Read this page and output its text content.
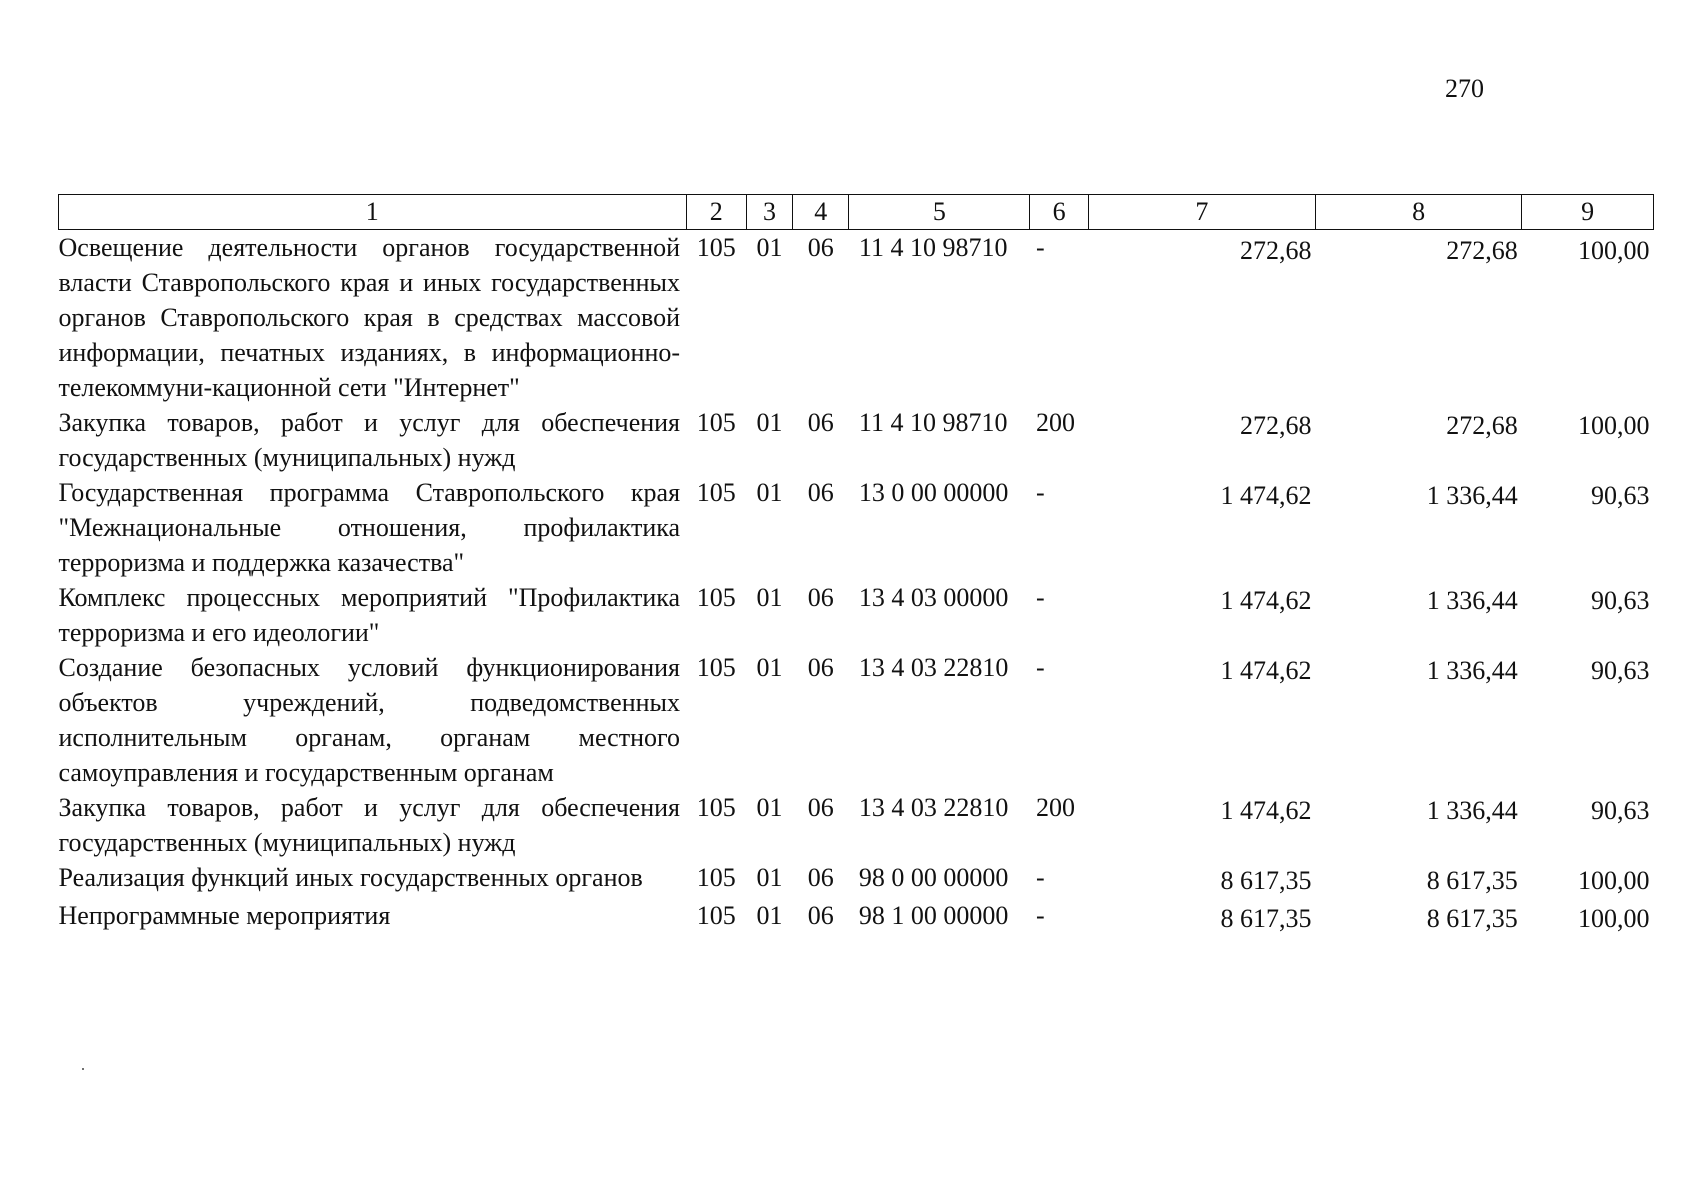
270
1	2	3	4	5	6	7	8	9
Освещение деятельности органов государственной власти Ставропольского края и иных государственных органов Ставропольского края в средствах массовой информации, печатных изданиях, в информационно-телекоммуни-кационной сети "Интернет"	105	01	06	11 4 10 98710	-	272,68	272,68	100,00
Закупка товаров, работ и услуг для обеспечения государственных (муниципальных) нужд	105	01	06	11 4 10 98710	200	272,68	272,68	100,00
Государственная программа Ставропольского края "Межнациональные отношения, профилактика терроризма и поддержка казачества"	105	01	06	13 0 00 00000	-	1 474,62	1 336,44	90,63
Комплекс процессных мероприятий "Профилактика терроризма и его идеологии"	105	01	06	13 4 03 00000	-	1 474,62	1 336,44	90,63
Создание безопасных условий функционирования объектов учреждений, подведомственных исполнительным органам, органам местного самоуправления и государственным органам	105	01	06	13 4 03 22810	-	1 474,62	1 336,44	90,63
Закупка товаров, работ и услуг для обеспечения государственных (муниципальных) нужд	105	01	06	13 4 03 22810	200	1 474,62	1 336,44	90,63
Реализация функций иных государственных органов	105	01	06	98 0 00 00000	-	8 617,35	8 617,35	100,00
Непрограммные мероприятия	105	01	06	98 1 00 00000	-	8 617,35	8 617,35	100,00
